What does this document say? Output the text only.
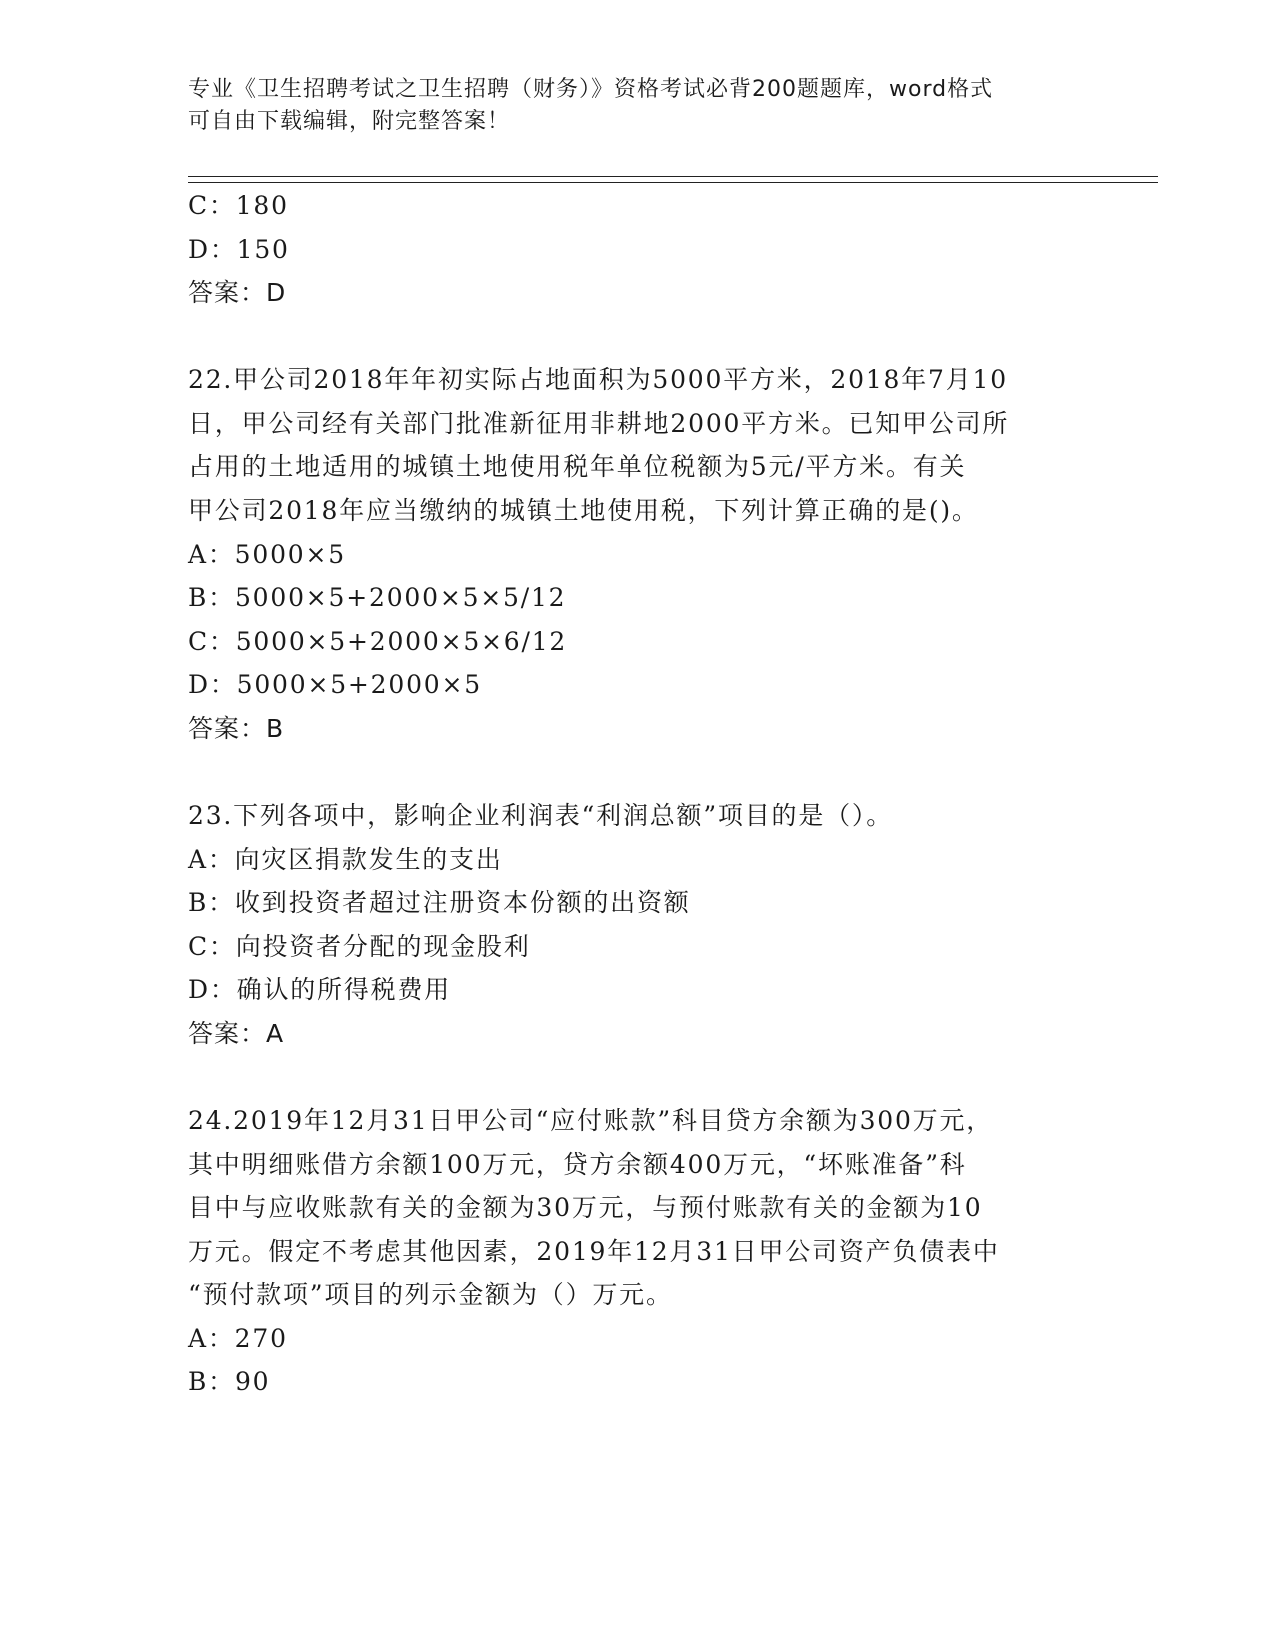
专业《卫生招聘考试之卫生招聘（财务）》资格考试必背200题题库，word格式
可自由下载编辑，附完整答案！
C：180
D：150
答案：D
22.甲公司2018年年初实际占地面积为5000平方米，2018年7月10
日，甲公司经有关部门批准新征用非耕地2000平方米。已知甲公司所
占用的土地适用的城镇土地使用税年单位税额为5元/平方米。有关
甲公司2018年应当缴纳的城镇土地使用税，下列计算正确的是()。
A：5000×5
B：5000×5+2000×5×5/12
C：5000×5+2000×5×6/12
D：5000×5+2000×5
答案：B
23.下列各项中，影响企业利润表“利润总额”项目的是（）。
A：向灾区捐款发生的支出
B：收到投资者超过注册资本份额的出资额
C：向投资者分配的现金股利
D：确认的所得税费用
答案：A
24.2019年12月31日甲公司“应付账款”科目贷方余额为300万元，
其中明细账借方余额100万元，贷方余额400万元，“坏账准备”科
目中与应收账款有关的金额为30万元，与预付账款有关的金额为10
万元。假定不考虑其他因素，2019年12月31日甲公司资产负债表中
“预付款项”项目的列示金额为（）万元。
A：270
B：90
